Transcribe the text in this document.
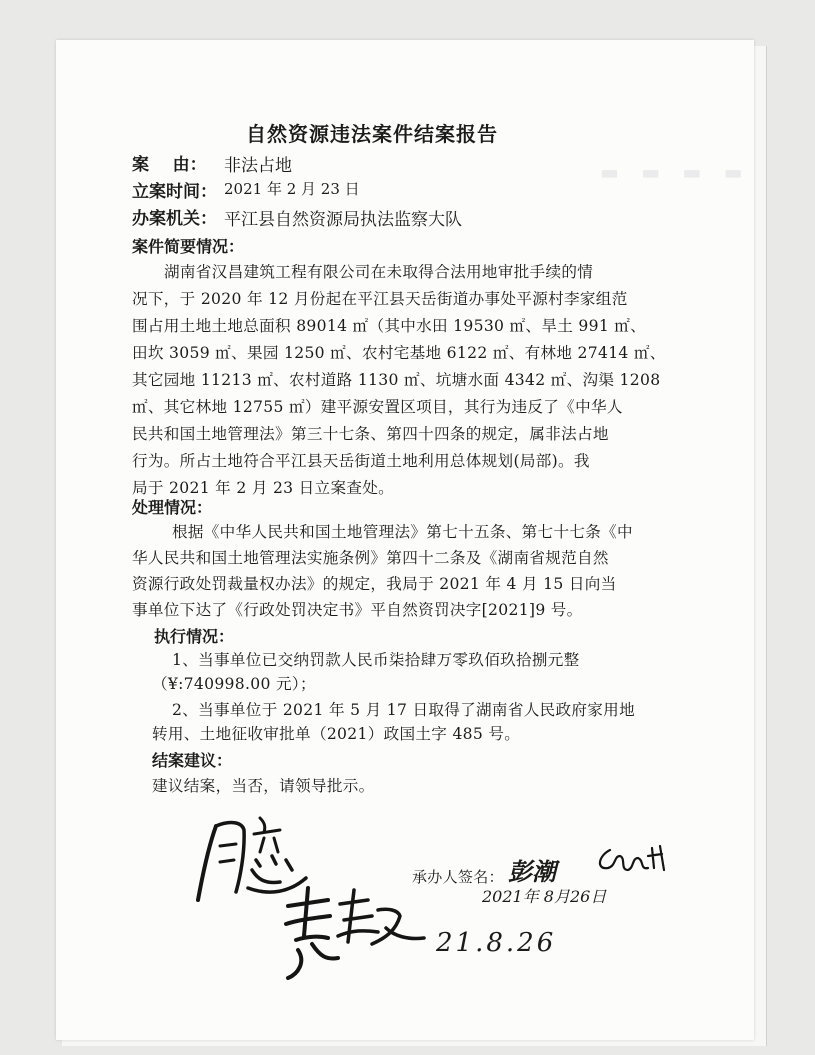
▬ ▬ ▬ ▬
自然资源违法案件结案报告
案    由： 非法占地
立案时间： 2021 年 2 月 23 日
办案机关： 平江县自然资源局执法监察大队
案件简要情况：
湖南省汉昌建筑工程有限公司在未取得合法用地审批手续的情
况下，于 2020 年 12 月份起在平江县天岳街道办事处平源村李家组范
围占用土地土地总面积 89014 ㎡（其中水田 19530 ㎡、旱土 991 ㎡、
田坎 3059 ㎡、果园 1250 ㎡、农村宅基地 6122 ㎡、有林地 27414 ㎡、
其它园地 11213 ㎡、农村道路 1130 ㎡、坑塘水面 4342 ㎡、沟渠 1208
㎡、其它林地 12755 ㎡）建平源安置区项目，其行为违反了《中华人
民共和国土地管理法》第三十七条、第四十四条的规定，属非法占地
行为。所占土地符合平江县天岳街道土地利用总体规划(局部)。我
局于 2021 年 2 月 23 日立案查处。
处理情况：
根据《中华人民共和国土地管理法》第七十五条、第七十七条《中
华人民共和国土地管理法实施条例》第四十二条及《湖南省规范自然
资源行政处罚裁量权办法》的规定，我局于 2021 年 4 月 15 日向当
事单位下达了《行政处罚决定书》平自然资罚决字[2021]9 号。
执行情况：
1、当事单位已交纳罚款人民币柒拾肆万零玖佰玖拾捌元整
（¥:740998.00 元）；
2、当事单位于 2021 年 5 月 17 日取得了湖南省人民政府家用地
转用、土地征收审批单（2021）政国土字 485 号。
结案建议：
建议结案，当否，请领导批示。
承办人签名：
21.8.26
彭潮
2021年 8月26日
